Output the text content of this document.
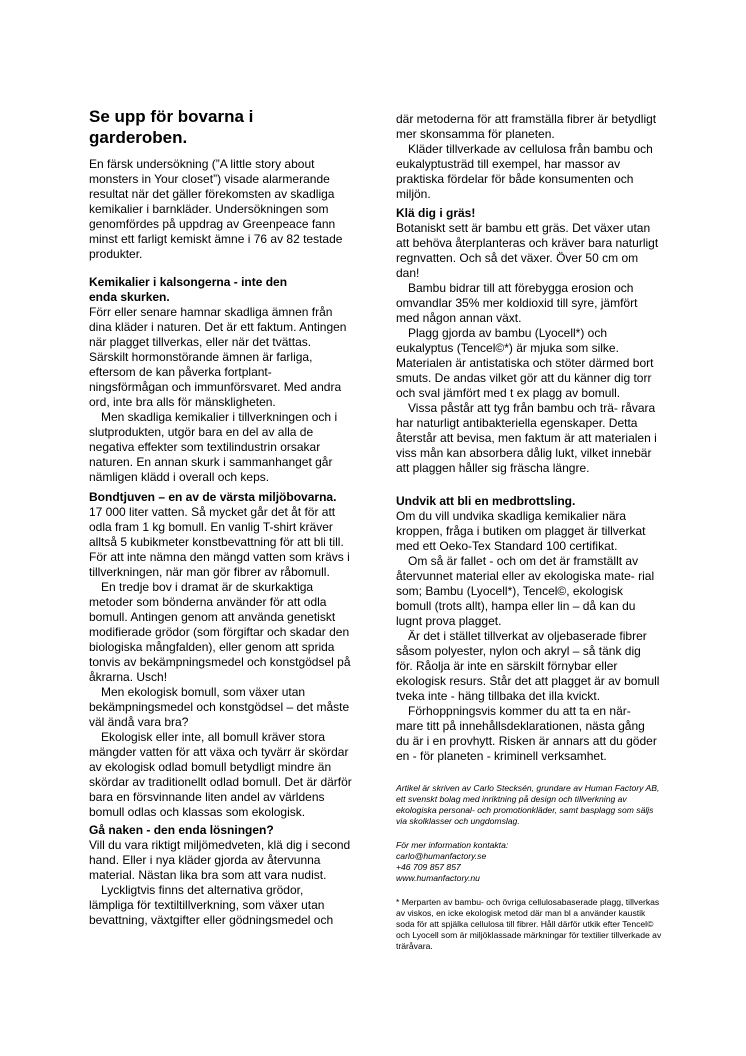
Se upp för bovarna i garderoben.

En färsk undersökning (”A little story about monsters in Your closet”) visade alarmerande resultat när det gäller förekomsten av skadliga kemikalier i barnkläder. Undersökningen som genomfördes på uppdrag av Greenpeace fann minst ett farligt kemiskt ämne i 76 av 82 testade produkter.

Kemikalier i kalsongerna - inte den enda skurken.

Förr eller senare hamnar skadliga ämnen från dina kläder i naturen. Det är ett faktum. Antingen när plagget tillverkas, eller när det tvättas. Särskilt hormonstörande ämnen är farliga, eftersom de kan påverka fortplant- ningsförmågan och immunförsvaret. Med andra ord, inte bra alls för mänskligheten.

Men skadliga kemikalier i tillverkningen och i slutprodukten, utgör bara en del av alla de negativa effekter som textilindustrin orsakar naturen. En annan skurk i sammanhanget går nämligen klädd i overall och keps.

Bondtjuven – en av de värsta miljöbovarna.

17 000 liter vatten. Så mycket går det åt för att odla fram 1 kg bomull. En vanlig T-shirt kräver alltså 5 kubikmeter konstbevattning för att bli till. För att inte nämna den mängd vatten som krävs i tillverkningen, när man gör fibrer av råbomull.

En tredje bov i dramat är de skurkaktiga metoder som bönderna använder för att odla bomull. Antingen genom att använda genetiskt modifierade grödor (som förgiftar och skadar den biologiska mångfalden), eller genom att sprida tonvis av bekämpningsmedel och konstgödsel på åkrarna. Usch!

Men ekologisk bomull, som växer utan bekämpningsmedel och konstgödsel – det måste väl ändå vara bra?

Ekologisk eller inte, all bomull kräver stora mängder vatten för att växa och tyvärr är skördar av ekologisk odlad bomull betydligt mindre än skördar av traditionellt odlad bomull. Det är därför bara en försvinnande liten andel av världens bomull odlas och klassas som ekologisk.

Gå naken - den enda lösningen?

Vill du vara riktigt miljömedveten, klä dig i second hand. Eller i nya kläder gjorda av återvunna material. Nästan lika bra som att vara nudist.

Lyckligtvis finns det alternativa grödor, lämpliga för textiltillverkning, som växer utan bevattning, växtgifter eller gödningsmedel och

där metoderna för att framställa fibrer är betydligt mer skonsamma för planeten.

Kläder tillverkade av cellulosa från bambu och eukalyptusträd till exempel, har massor av praktiska fördelar för både konsumenten och miljön.

Klä dig i gräs!

Botaniskt sett är bambu ett gräs. Det växer utan att behöva återplanteras och kräver bara naturligt regnvatten. Och så det växer. Över 50 cm om dan!

Bambu bidrar till att förebygga erosion och omvandlar 35% mer koldioxid till syre, jämfört med någon annan växt.

Plagg gjorda av bambu (Lyocell*) och eukalyptus (Tencel©*) är mjuka som silke. Materialen är antistatiska och stöter därmed bort smuts. De andas vilket gör att du känner dig torr och sval jämfört med t ex plagg av bomull.

Vissa påstår att tyg från bambu och trä- råvara har naturligt antibakteriella egenskaper. Detta återstår att bevisa, men faktum är att materialen i viss mån kan absorbera dålig lukt, vilket innebär att plaggen håller sig fräscha längre.

Undvik att bli en medbrottsling.

Om du vill undvika skadliga kemikalier nära kroppen, fråga i butiken om plagget är tillverkat med ett Oeko-Tex Standard 100 certifikat.

Om så är fallet - och om det är framställt av återvunnet material eller av ekologiska mate- rial som; Bambu (Lyocell*), Tencel©, ekologisk bomull (trots allt), hampa eller lin – då kan du lugnt prova plagget.

Är det i stället tillverkat av oljebaserade fibrer såsom polyester, nylon och akryl – så tänk dig för. Råolja är inte en särskilt förnybar eller ekologisk resurs. Står det att plagget är av bomull tveka inte - häng tillbaka det illa kvickt.

Förhoppningsvis kommer du att ta en när- mare titt på innehållsdeklarationen, nästa gång du är i en provhytt. Risken är annars att du göder en - för planeten - kriminell verksamhet.

Artikel är skriven av Carlo Stecksén, grundare av Human Factory AB, ett svenskt bolag med inriktning på design och tillverkning av ekologiska personal- och promotionkläder, samt basplagg som säljs via skolklasser och ungdomslag.

För mer information kontakta:

carlo@humanfactory.se

+46 709 857 857

www.humanfactory.nu

* Merparten av bambu- och övriga cellulosabaserade plagg, tillverkas av viskos, en icke ekologisk metod där man bl a använder kaustik soda för att spjälka cellulosa till fibrer. Håll därför utkik efter Tencel© och Lyocell som är miljöklassade märkningar för textilier tillverkade av träråvara.
